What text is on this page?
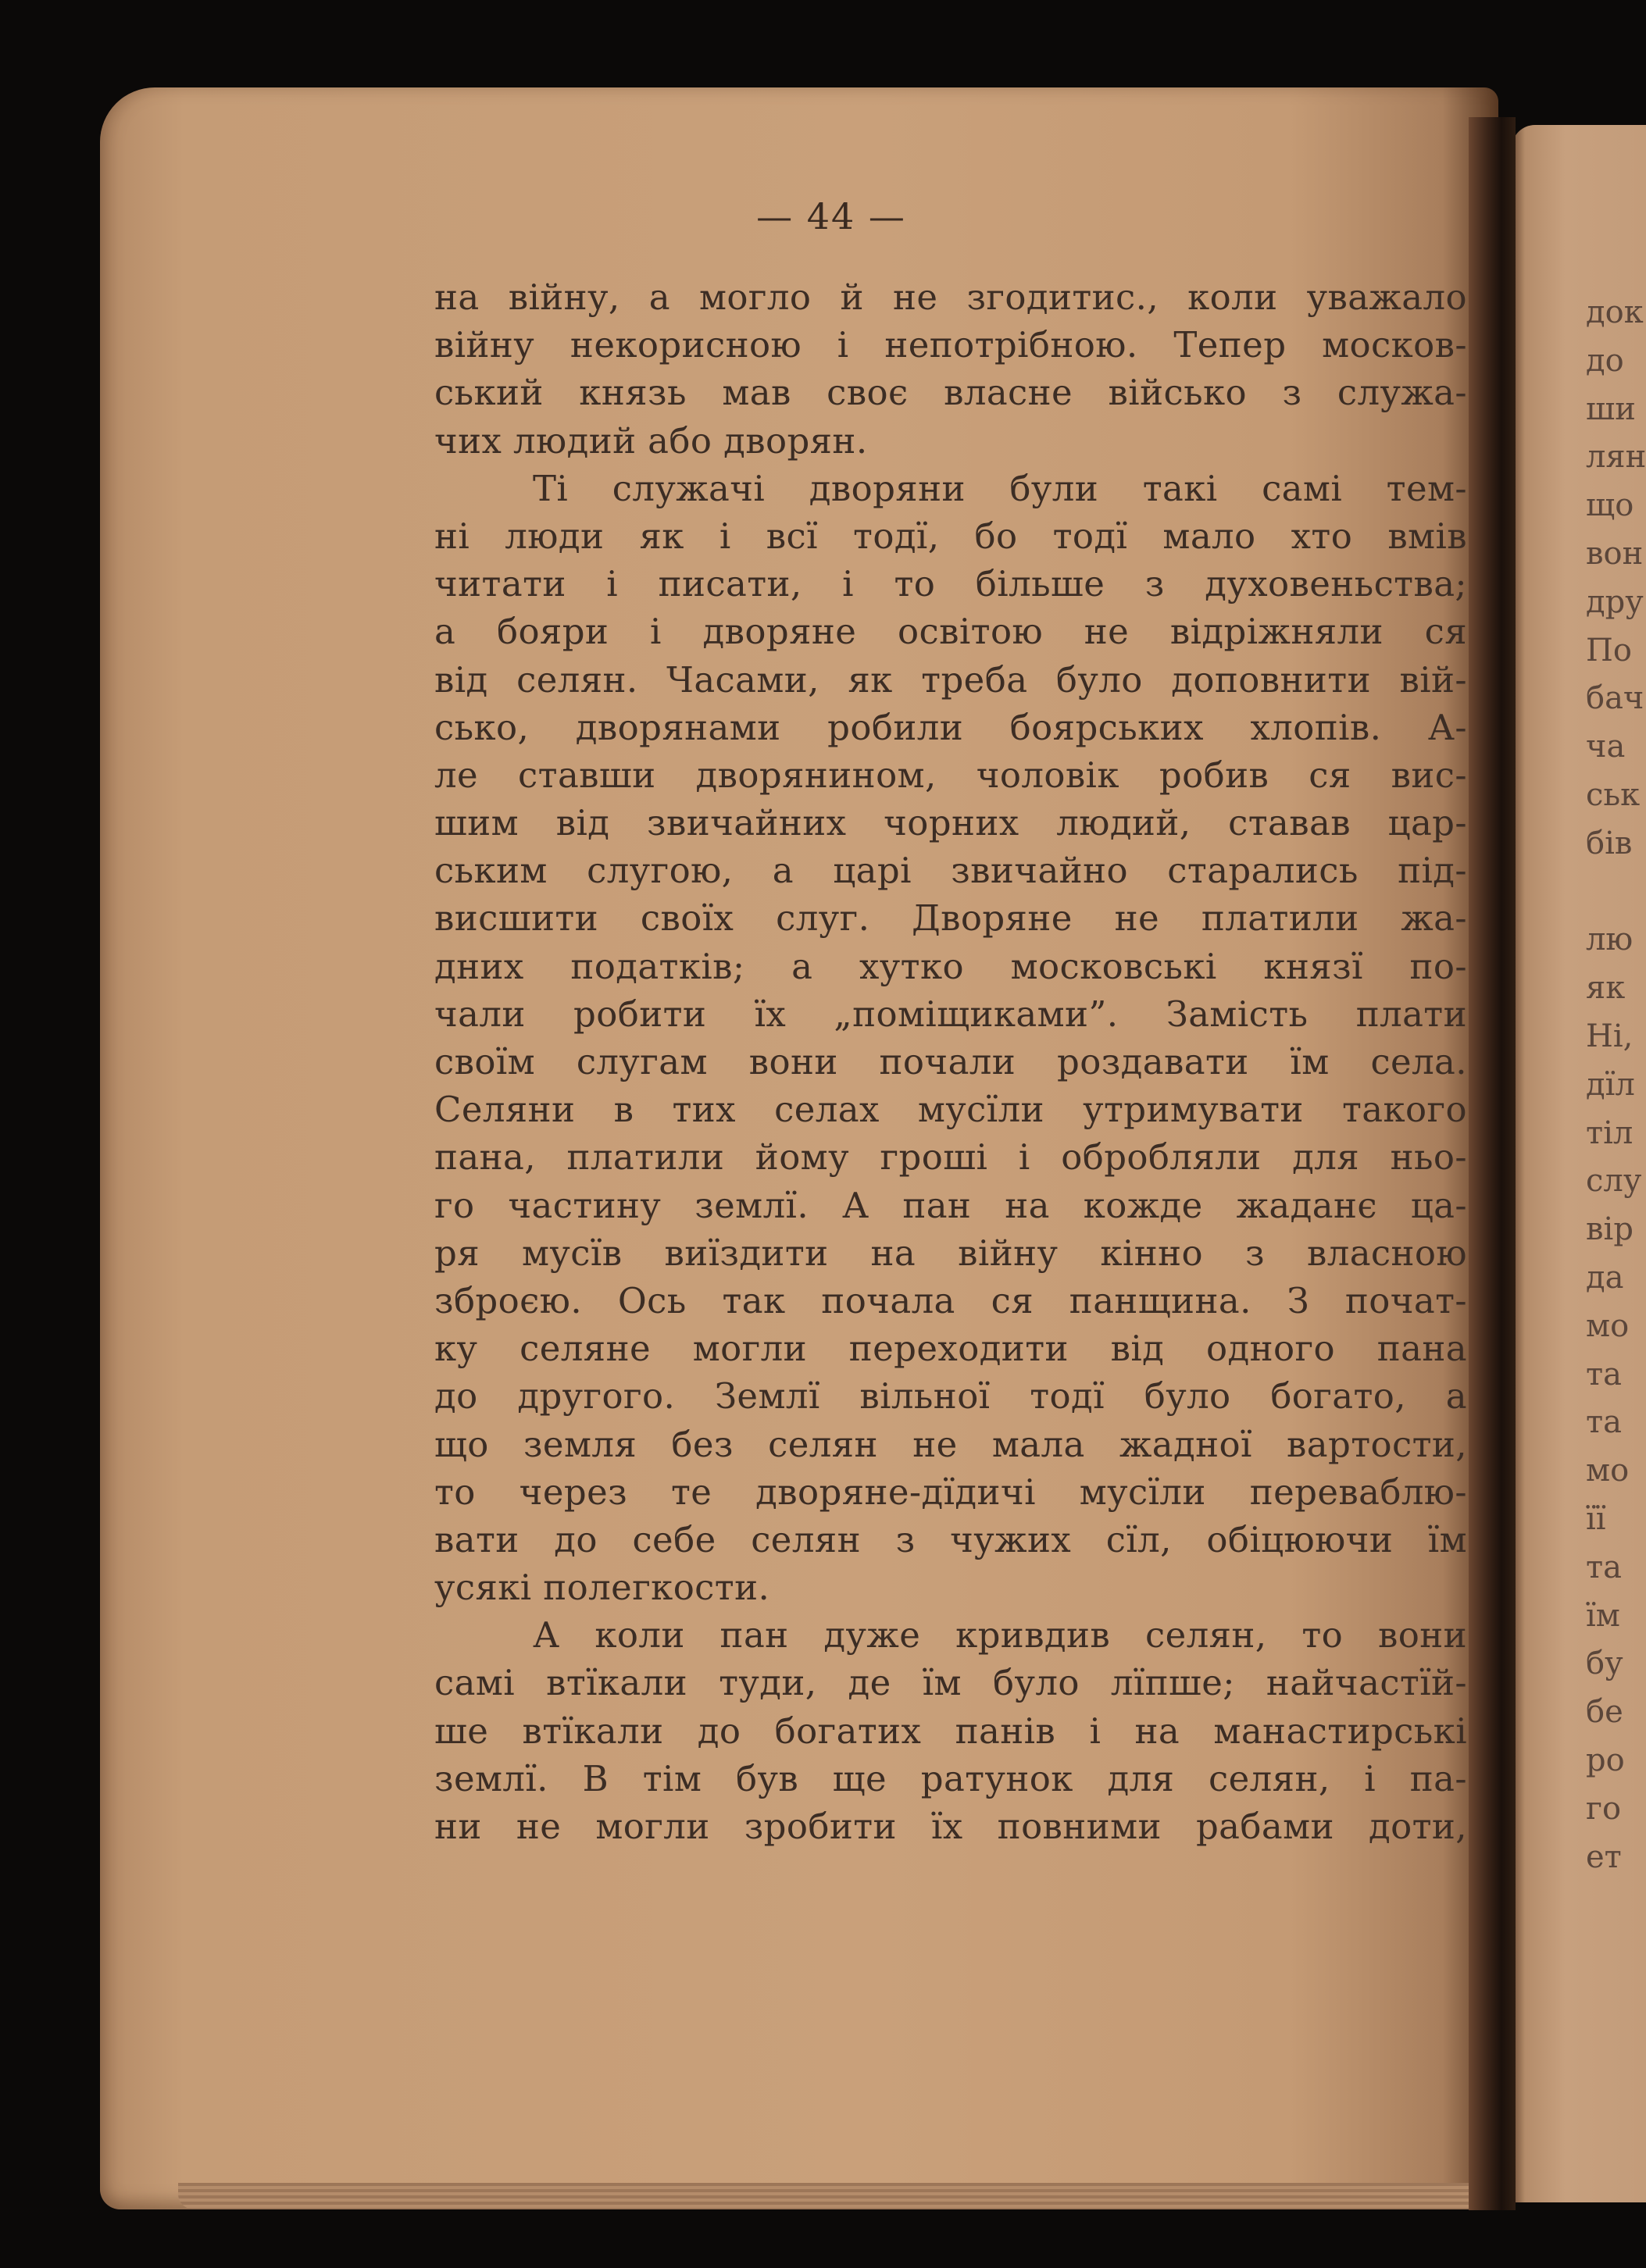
— 44 —
на війну, а могло й не згодитис., коли уважало
війну некорисною і непотрібною. Тепер москов-
ський князь мав своє власне військо з служа-
чих людий або дворян.
Ті служачі дворяни були такі самі тем-
ні люди як і всї тодї, бо тодї мало хто вмів
читати і писати, і то більше з духовеньства;
а бояри і дворяне освітою не відріжняли ся
від селян. Часами, як треба було доповнити вій-
сько, дворянами робили боярських хлопів. А-
ле ставши дворянином, чоловік робив ся вис-
шим від звичайних чорних людий, ставав цар-
ським слугою, а царі звичайно старались під-
висшити своїх слуг. Дворяне не платили жа-
дних податків; а хутко московські князї по-
чали робити їх „поміщиками”. Замість плати
своїм слугам вони почали роздавати їм села.
Селяни в тих селах мусїли утримувати такого
пана, платили йому гроші і обробляли для ньо-
го частину землї. А пан на кожде жаданє ца-
ря мусїв виїздити на війну кінно з власною
зброєю. Ось так почала ся панщина. З почат-
ку селяне могли переходити від одного пана
до другого. Землї вільної тодї було богато, а
що земля без селян не мала жадної вартости,
то через те дворяне-дїдичі мусїли переваблю-
вати до себе селян з чужих сїл, обіцюючи їм
усякі полегкости.
А коли пан дуже кривдив селян, то вони
самі втїкали туди, де їм було лїпше; найчастїй-
ше втїкали до богатих панів і на манастирські
землї. В тім був ще ратунок для селян, і па-
ни не могли зробити їх повними рабами доти,
док
до
ши
лян
що
вон
дру
По
бач
ча
ськ
бів
лю
як
Ні,
дїл
тіл
слу
вір
да
мо
та
та
мо
її
та
їм
бу
бе
ро
го
ет
